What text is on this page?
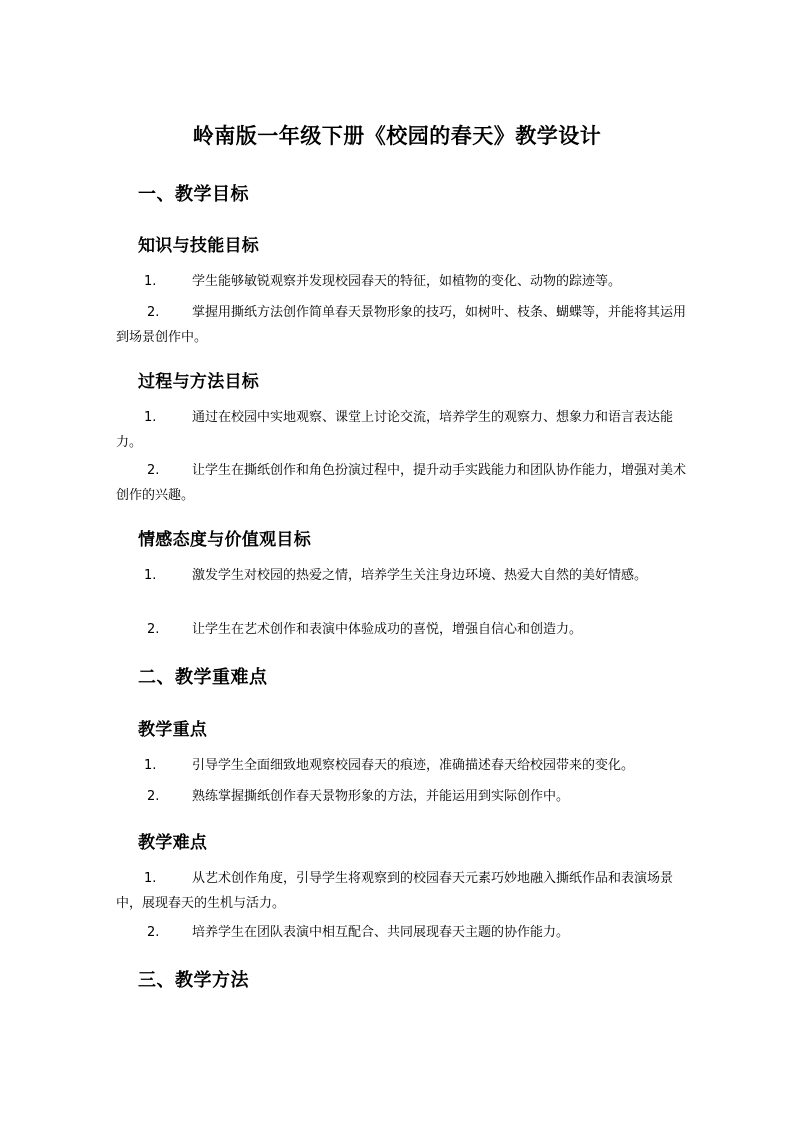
岭南版一年级下册《校园的春天》教学设计
一、教学目标
知识与技能目标
1.	学生能够敏锐观察并发现校园春天的特征，如植物的变化、动物的踪迹等。
2.	掌握用撕纸方法创作简单春天景物形象的技巧，如树叶、枝条、蝴蝶等，并能将其运用到场景创作中。
过程与方法目标
1.	通过在校园中实地观察、课堂上讨论交流，培养学生的观察力、想象力和语言表达能力。
2.	让学生在撕纸创作和角色扮演过程中，提升动手实践能力和团队协作能力，增强对美术创作的兴趣。
情感态度与价值观目标
1.	激发学生对校园的热爱之情，培养学生关注身边环境、热爱大自然的美好情感。
2.	让学生在艺术创作和表演中体验成功的喜悦，增强自信心和创造力。
二、教学重难点
教学重点
1.	引导学生全面细致地观察校园春天的痕迹，准确描述春天给校园带来的变化。
2.	熟练掌握撕纸创作春天景物形象的方法，并能运用到实际创作中。
教学难点
1.	从艺术创作角度，引导学生将观察到的校园春天元素巧妙地融入撕纸作品和表演场景中，展现春天的生机与活力。
2.	培养学生在团队表演中相互配合、共同展现春天主题的协作能力。
三、教学方法
